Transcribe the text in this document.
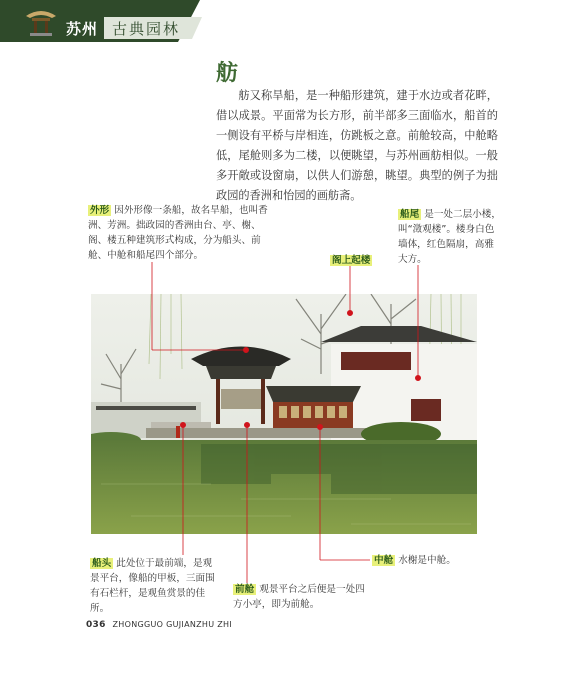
苏州 古典园林
舫
舫又称旱船，是一种船形建筑，建于水边或者花畔，借以成景。平面常为长方形，前半部多三面临水，船首的一侧设有平桥与岸相连，仿跳板之意。前舱较高，中舱略低，尾舱则多为二楼，以便眺望，与苏州画舫相似。一般多开敞或设窗扇，以供人们游憩，眺望。典型的例子为拙政园的香洲和怡园的画舫斋。
外形 因外形像一条船，故名旱船，也叫香洲、芳洲。拙政园的香洲由台、亭、榭、阁、楼五种建筑形式构成，分为船头、前舱、中舱和船尾四个部分。
船尾 是一处二层小楼，叫“澂观楼”。楼身白色墙体，红色隔扇，高雅大方。
阁上起楼
船头 此处位于最前端，是观景平台，像船的甲板，三面围有石栏杆，是观鱼赏景的佳所。
中舱 水榭是中舱。
前舱 观景平台之后便是一处四方小亭，即为前舱。
036 ZHONGGUO GUJIANZHU ZHI
